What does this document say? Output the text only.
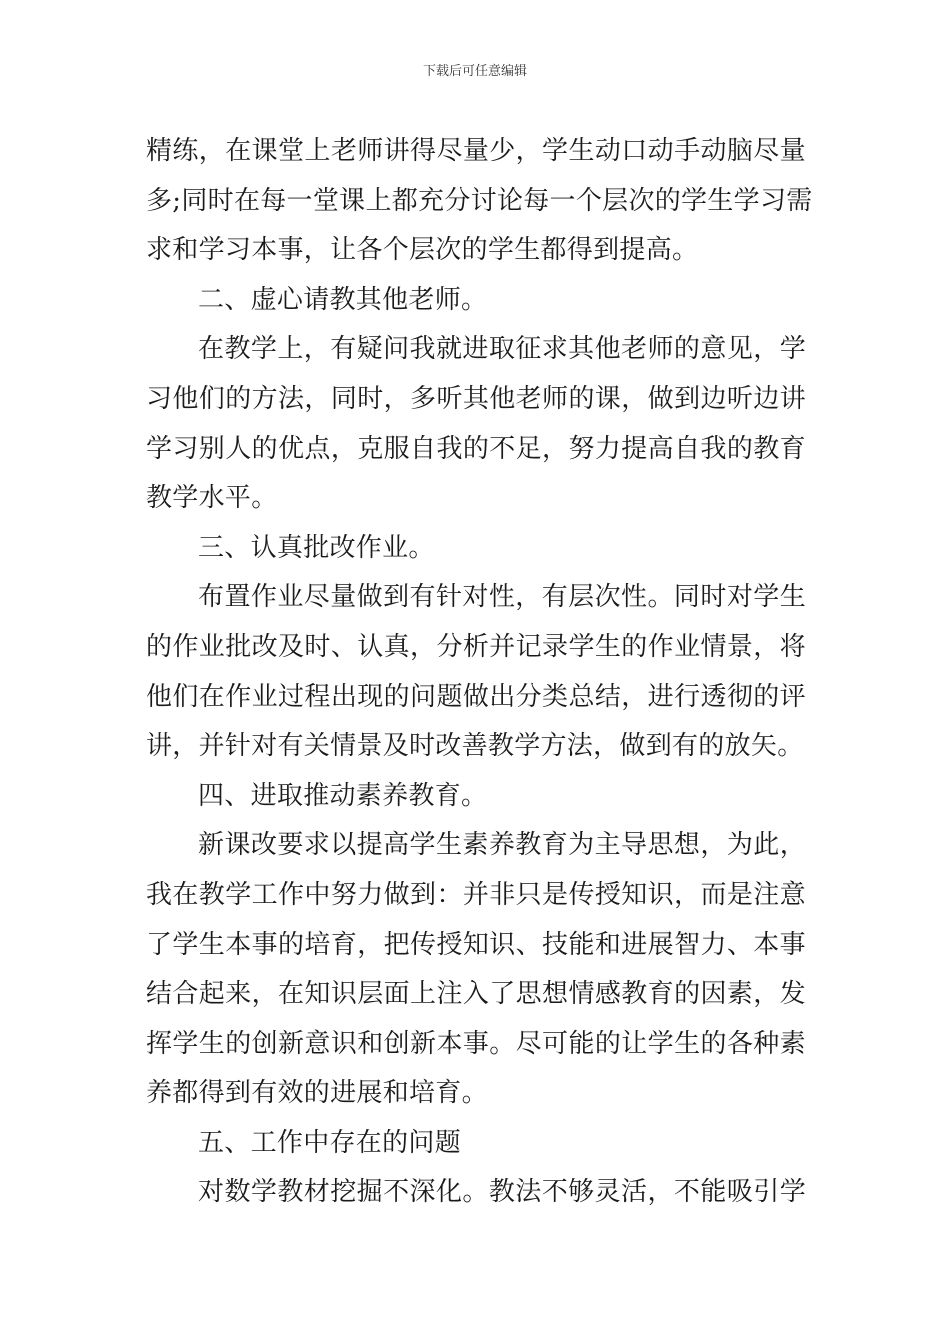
下载后可任意编辑
精练，在课堂上老师讲得尽量少，学生动口动手动脑尽量
多;同时在每一堂课上都充分讨论每一个层次的学生学习需
求和学习本事，让各个层次的学生都得到提高。
二、虚心请教其他老师。
在教学上，有疑问我就进取征求其他老师的意见，学
习他们的方法，同时，多听其他老师的课，做到边听边讲
学习别人的优点，克服自我的不足，努力提高自我的教育
教学水平。
三、认真批改作业。
布置作业尽量做到有针对性，有层次性。同时对学生
的作业批改及时、认真，分析并记录学生的作业情景，将
他们在作业过程出现的问题做出分类总结，进行透彻的评
讲，并针对有关情景及时改善教学方法，做到有的放矢。
四、进取推动素养教育。
新课改要求以提高学生素养教育为主导思想，为此，
我在教学工作中努力做到：并非只是传授知识，而是注意
了学生本事的培育，把传授知识、技能和进展智力、本事
结合起来，在知识层面上注入了思想情感教育的因素，发
挥学生的创新意识和创新本事。尽可能的让学生的各种素
养都得到有效的进展和培育。
五、工作中存在的问题
对数学教材挖掘不深化。教法不够灵活，不能吸引学
